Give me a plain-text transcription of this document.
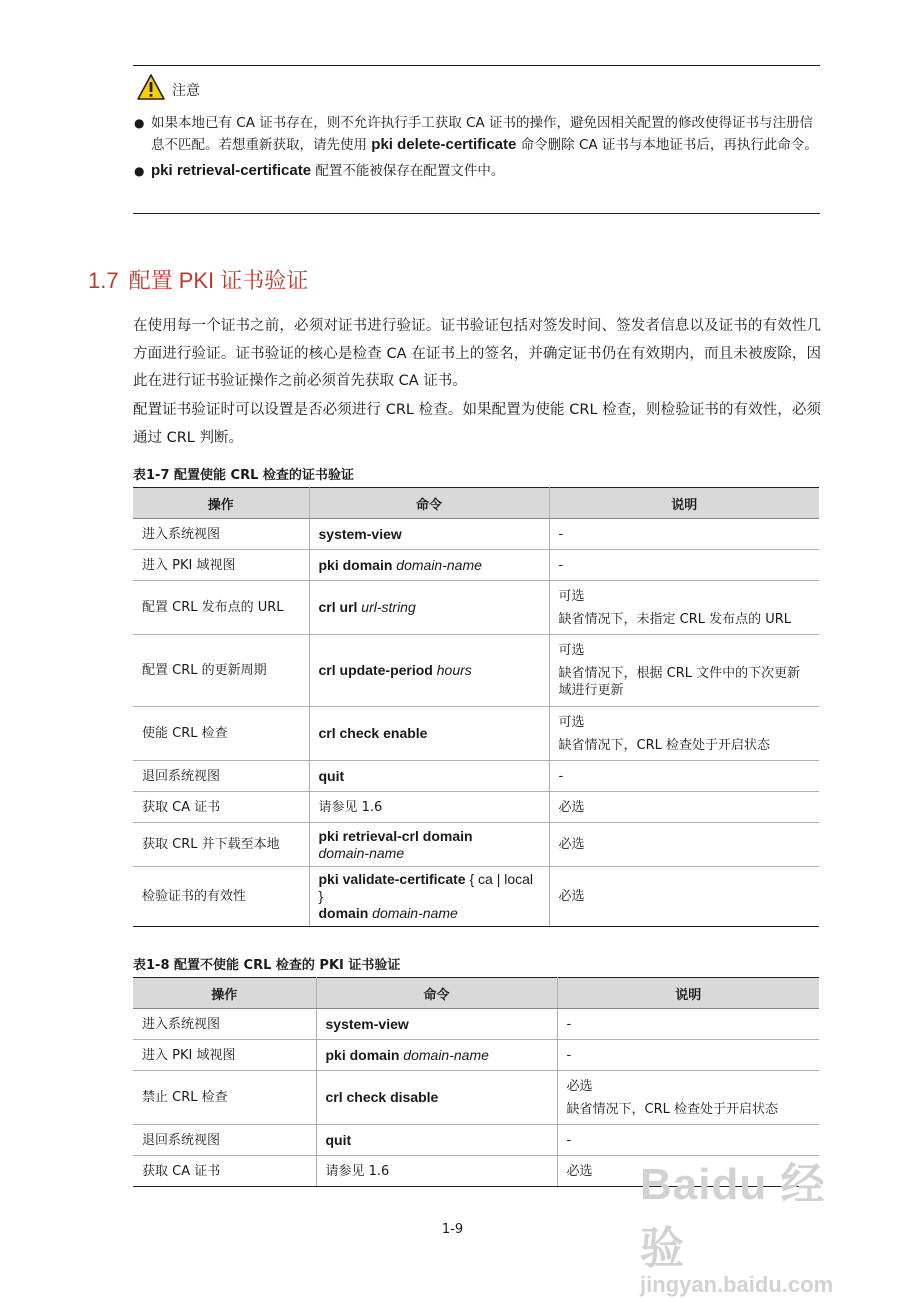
注意
● 如果本地已有 CA 证书存在，则不允许执行手工获取 CA 证书的操作，避免因相关配置的修改使得证书与注册信息不匹配。若想重新获取，请先使用 pki delete-certificate 命令删除 CA 证书与本地证书后，再执行此命令。
● pki retrieval-certificate 配置不能被保存在配置文件中。
1.7 配置 PKI 证书验证

在使用每一个证书之前，必须对证书进行验证。证书验证包括对签发时间、签发者信息以及证书的有效性几方面进行验证。证书验证的核心是检查 CA 在证书上的签名，并确定证书仍在有效期内，而且未被废除，因此在进行证书验证操作之前必须首先获取 CA 证书。

配置证书验证时可以设置是否必须进行 CRL 检查。如果配置为使能 CRL 检查，则检验证书的有效性，必须通过 CRL 判断。

表1-7 配置使能 CRL 检查的证书验证
操作	命令	说明
进入系统视图	system-view	-
进入 PKI 域视图	pki domain domain-name	-
配置 CRL 发布点的 URL	crl url url-string	可选
缺省情况下，未指定 CRL 发布点的 URL

配置 CRL 的更新周期	crl update-period hours	可选
缺省情况下，根据 CRL 文件中的下次更新域进行更新

使能 CRL 检查	crl check enable	可选
缺省情况下，CRL 检查处于开启状态

退回系统视图	quit	-
获取 CA 证书	请参见 1.6	必选
获取 CRL 并下载至本地	pki retrieval-crl domain
domain-name	必选
检验证书的有效性	pki validate-certificate { ca | local }
domain domain-name	必选
表1-8 配置不使能 CRL 检查的 PKI 证书验证
操作	命令	说明
进入系统视图	system-view	-
进入 PKI 域视图	pki domain domain-name	-
禁止 CRL 检查	crl check disable	必选
缺省情况下，CRL 检查处于开启状态

退回系统视图	quit	-
获取 CA 证书	请参见 1.6	必选
1-9
Baidu 经验
jingyan.baidu.com
